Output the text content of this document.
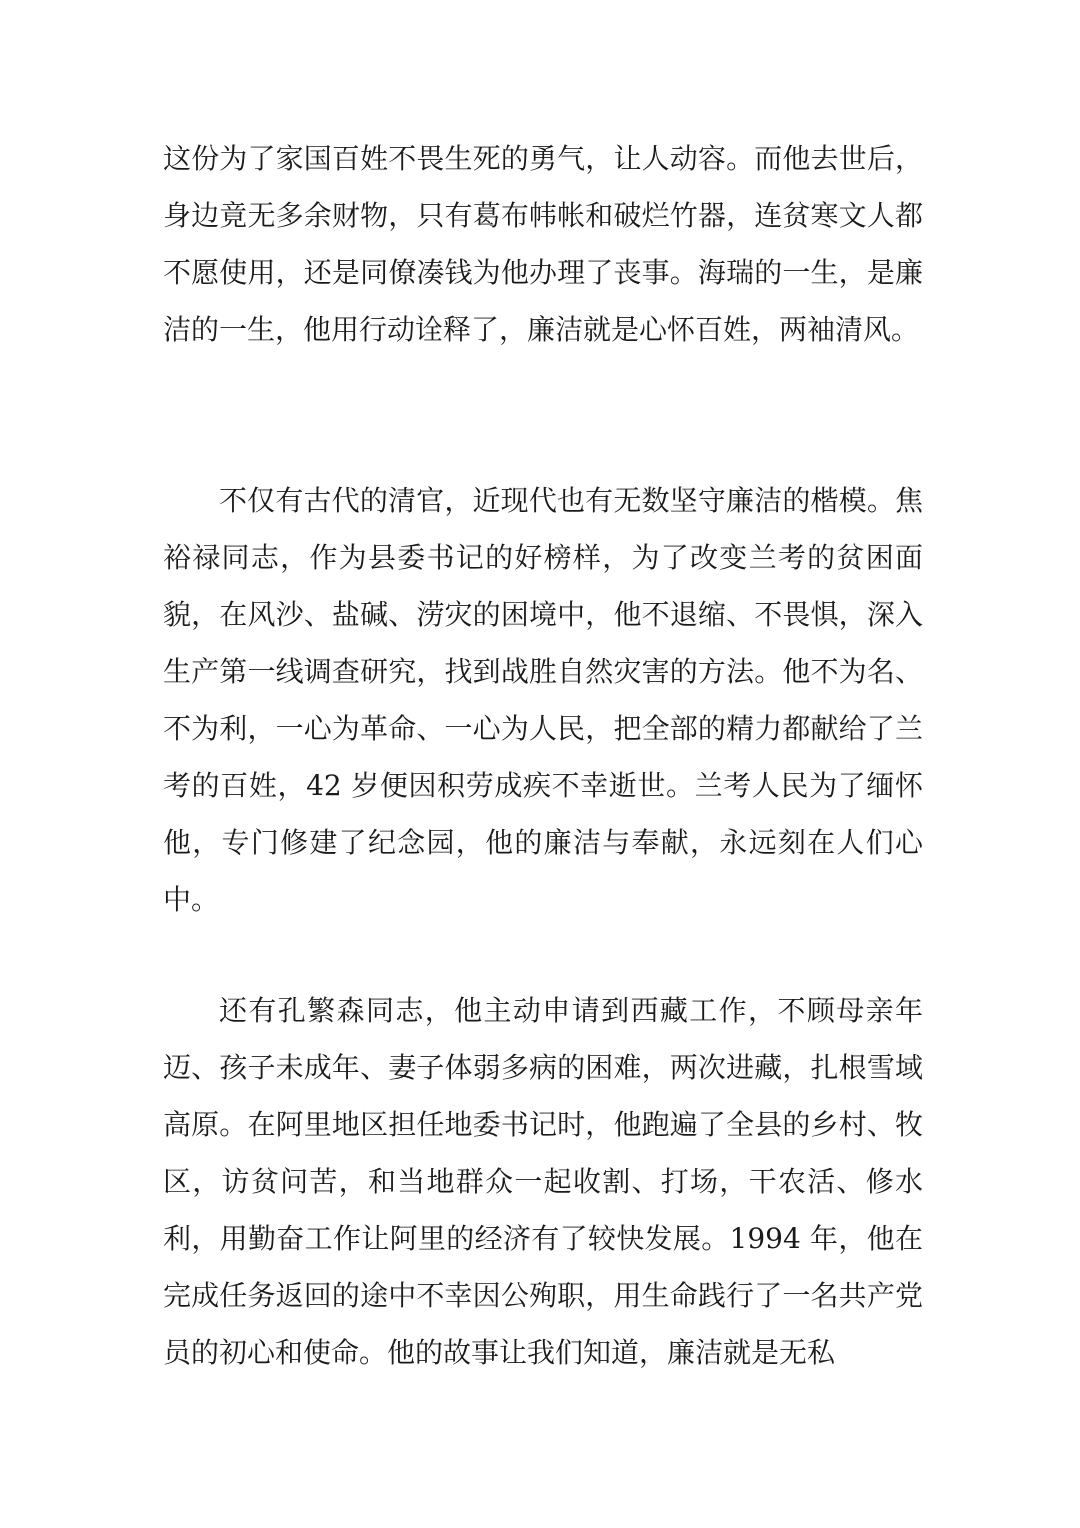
这份为了家国百姓不畏生死的勇气，让人动容。而他去世后，身边竟无多余财物，只有葛布帏帐和破烂竹器，连贫寒文人都不愿使用，还是同僚凑钱为他办理了丧事。海瑞的一生，是廉洁的一生，他用行动诠释了，廉洁就是心怀百姓，两袖清风。

不仅有古代的清官，近现代也有无数坚守廉洁的楷模。焦裕禄同志，作为县委书记的好榜样，为了改变兰考的贫困面貌，在风沙、盐碱、涝灾的困境中，他不退缩、不畏惧，深入生产第一线调查研究，找到战胜自然灾害的方法。他不为名、不为利，一心为革命、一心为人民，把全部的精力都献给了兰考的百姓，42 岁便因积劳成疾不幸逝世。兰考人民为了缅怀他，专门修建了纪念园，他的廉洁与奉献，永远刻在人们心中。

还有孔繁森同志，他主动申请到西藏工作，不顾母亲年迈、孩子未成年、妻子体弱多病的困难，两次进藏，扎根雪域高原。在阿里地区担任地委书记时，他跑遍了全县的乡村、牧区，访贫问苦，和当地群众一起收割、打场，干农活、修水利，用勤奋工作让阿里的经济有了较快发展。1994 年，他在完成任务返回的途中不幸因公殉职，用生命践行了一名共产党员的初心和使命。他的故事让我们知道，廉洁就是无私
